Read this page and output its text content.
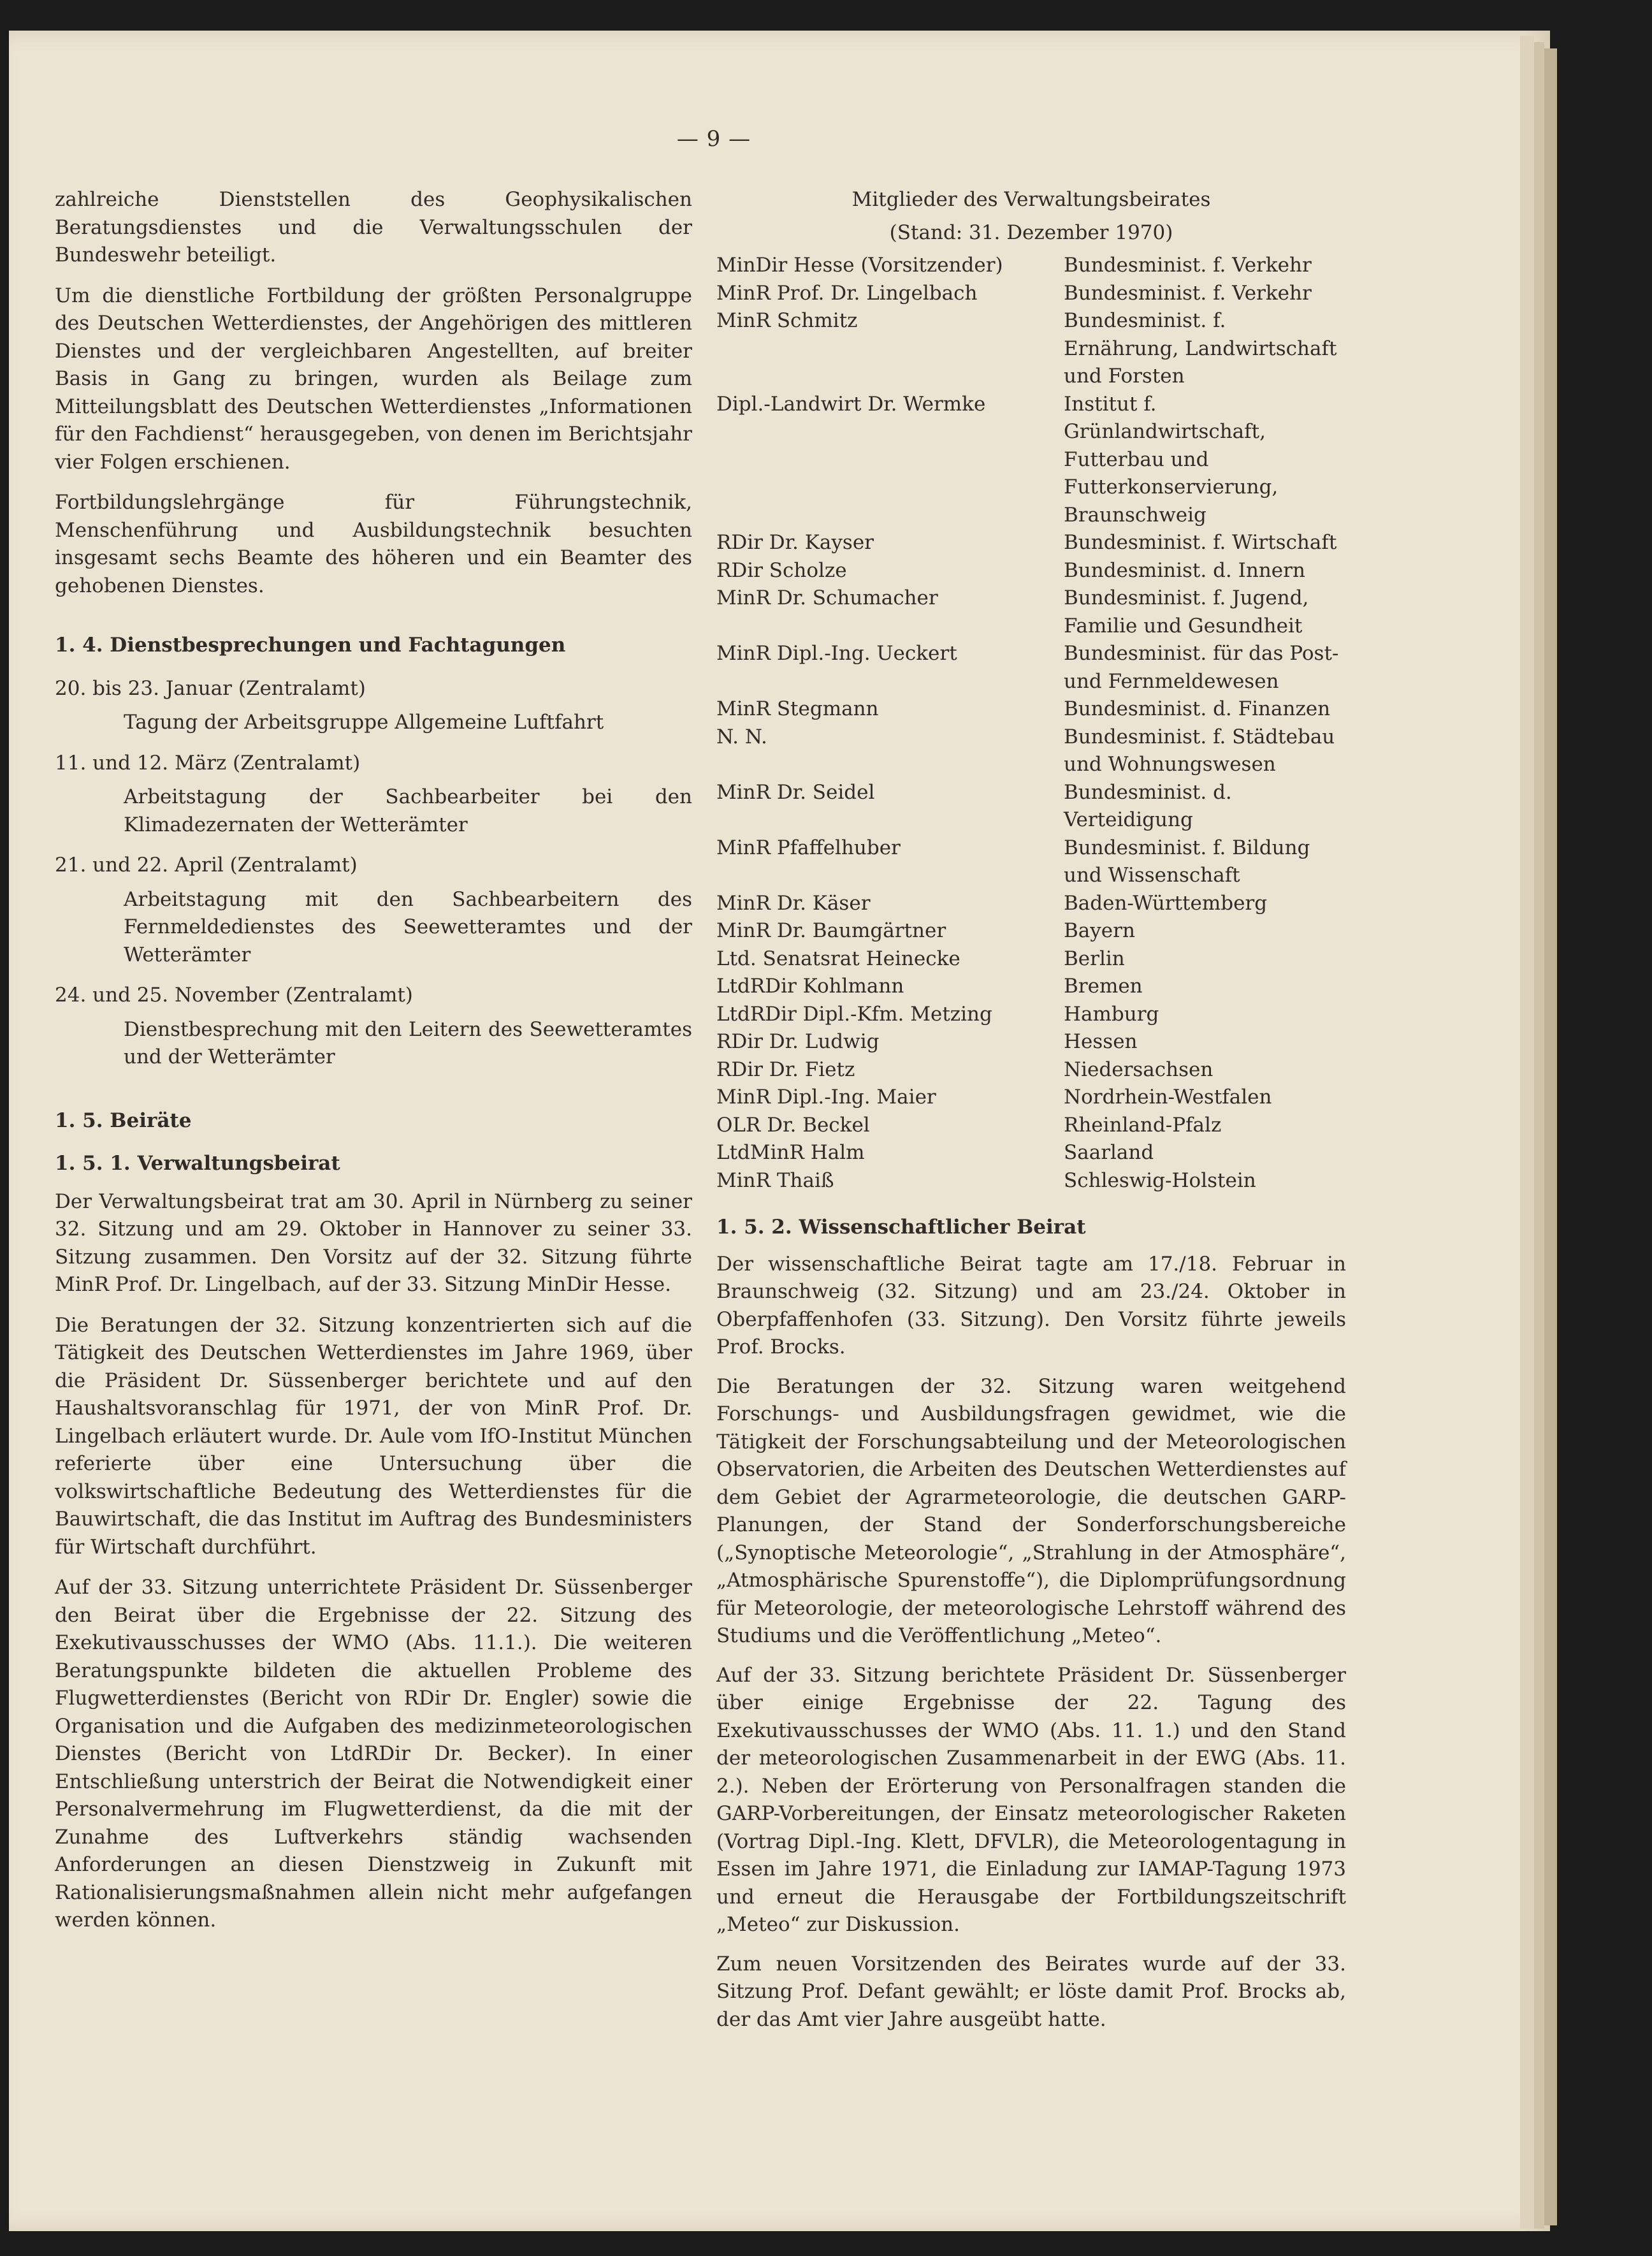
— 9 —

zahlreiche Dienststellen des Geophysikalischen Beratungsdienstes und die Verwaltungsschulen der Bundeswehr beteiligt.

Um die dienstliche Fortbildung der größten Personalgruppe des Deutschen Wetterdienstes, der Angehörigen des mittleren Dienstes und der vergleichbaren Angestellten, auf breiter Basis in Gang zu bringen, wurden als Beilage zum Mitteilungsblatt des Deutschen Wetterdienstes „Informationen für den Fachdienst“ herausgegeben, von denen im Berichtsjahr vier Folgen erschienen.

Fortbildungslehrgänge für Führungstechnik, Menschenführung und Ausbildungstechnik besuchten insgesamt sechs Beamte des höheren und ein Beamter des gehobenen Dienstes.

1. 4. Dienstbesprechungen und Fachtagungen
20. bis 23. Januar (Zentralamt)
Tagung der Arbeitsgruppe Allgemeine Luftfahrt
11. und 12. März (Zentralamt)
Arbeitstagung der Sachbearbeiter bei den Klimadezernaten der Wetterämter
21. und 22. April (Zentralamt)
Arbeitstagung mit den Sachbearbeitern des Fernmeldedienstes des Seewetteramtes und der Wetterämter
24. und 25. November (Zentralamt)
Dienstbesprechung mit den Leitern des Seewetteramtes und der Wetterämter
1. 5. Beiräte
1. 5. 1. Verwaltungsbeirat

Der Verwaltungsbeirat trat am 30. April in Nürnberg zu seiner 32. Sitzung und am 29. Oktober in Hannover zu seiner 33. Sitzung zusammen. Den Vorsitz auf der 32. Sitzung führte MinR Prof. Dr. Lingelbach, auf der 33. Sitzung MinDir Hesse.

Die Beratungen der 32. Sitzung konzentrierten sich auf die Tätigkeit des Deutschen Wetterdienstes im Jahre 1969, über die Präsident Dr. Süssenberger berichtete und auf den Haushaltsvoranschlag für 1971, der von MinR Prof. Dr. Lingelbach erläutert wurde. Dr. Aule vom IfO-Institut München referierte über eine Untersuchung über die volkswirtschaftliche Bedeutung des Wetterdienstes für die Bauwirtschaft, die das Institut im Auftrag des Bundesministers für Wirtschaft durchführt.

Auf der 33. Sitzung unterrichtete Präsident Dr. Süssenberger den Beirat über die Ergebnisse der 22. Sitzung des Exekutivausschusses der WMO (Abs. 11.1.). Die weiteren Beratungspunkte bildeten die aktuellen Probleme des Flugwetterdienstes (Bericht von RDir Dr. Engler) sowie die Organisation und die Aufgaben des medizinmeteorologischen Dienstes (Bericht von LtdRDir Dr. Becker). In einer Entschließung unterstrich der Beirat die Notwendigkeit einer Personalvermehrung im Flugwetterdienst, da die mit der Zunahme des Luftverkehrs ständig wachsenden Anforderungen an diesen Dienstzweig in Zukunft mit Rationalisierungsmaßnahmen allein nicht mehr aufgefangen werden können.

Mitglieder des Verwaltungsbeirates
(Stand: 31. Dezember 1970)
MinDir Hesse (Vorsitzender)	Bundesminist. f. Verkehr
MinR Prof. Dr. Lingelbach	Bundesminist. f. Verkehr
MinR Schmitz	Bundesminist. f. Ernährung, Landwirtschaft und Forsten
Dipl.-Landwirt Dr. Wermke	Institut f. Grünlandwirtschaft, Futterbau und Futterkonservierung, Braunschweig
RDir Dr. Kayser	Bundesminist. f. Wirtschaft
RDir Scholze	Bundesminist. d. Innern
MinR Dr. Schumacher	Bundesminist. f. Jugend, Familie und Gesundheit
MinR Dipl.-Ing. Ueckert	Bundesminist. für das Post- und Fernmeldewesen
MinR Stegmann	Bundesminist. d. Finanzen
N. N.	Bundesminist. f. Städtebau und Wohnungswesen
MinR Dr. Seidel	Bundesminist. d. Verteidigung
MinR Pfaffelhuber	Bundesminist. f. Bildung und Wissenschaft
MinR Dr. Käser	Baden-Württemberg
MinR Dr. Baumgärtner	Bayern
Ltd. Senatsrat Heinecke	Berlin
LtdRDir Kohlmann	Bremen
LtdRDir Dipl.-Kfm. Metzing	Hamburg
RDir Dr. Ludwig	Hessen
RDir Dr. Fietz	Niedersachsen
MinR Dipl.-Ing. Maier	Nordrhein-Westfalen
OLR Dr. Beckel	Rheinland-Pfalz
LtdMinR Halm	Saarland
MinR Thaiß	Schleswig-Holstein
1. 5. 2. Wissenschaftlicher Beirat

Der wissenschaftliche Beirat tagte am 17./18. Februar in Braunschweig (32. Sitzung) und am 23./24. Oktober in Oberpfaffenhofen (33. Sitzung). Den Vorsitz führte jeweils Prof. Brocks.

Die Beratungen der 32. Sitzung waren weitgehend Forschungs- und Ausbildungsfragen gewidmet, wie die Tätigkeit der Forschungsabteilung und der Meteorologischen Observatorien, die Arbeiten des Deutschen Wetterdienstes auf dem Gebiet der Agrarmeteorologie, die deutschen GARP-Planungen, der Stand der Sonderforschungsbereiche („Synoptische Meteorologie“, „Strahlung in der Atmosphäre“, „Atmosphärische Spurenstoffe“), die Diplomprüfungsordnung für Meteorologie, der meteorologische Lehrstoff während des Studiums und die Veröffentlichung „Meteo“.

Auf der 33. Sitzung berichtete Präsident Dr. Süssenberger über einige Ergebnisse der 22. Tagung des Exekutivausschusses der WMO (Abs. 11. 1.) und den Stand der meteorologischen Zusammenarbeit in der EWG (Abs. 11. 2.). Neben der Erörterung von Personalfragen standen die GARP-Vorbereitungen, der Einsatz meteorologischer Raketen (Vortrag Dipl.-Ing. Klett, DFVLR), die Meteorologentagung in Essen im Jahre 1971, die Einladung zur IAMAP-Tagung 1973 und erneut die Herausgabe der Fortbildungszeitschrift „Meteo“ zur Diskussion.

Zum neuen Vorsitzenden des Beirates wurde auf der 33. Sitzung Prof. Defant gewählt; er löste damit Prof. Brocks ab, der das Amt vier Jahre ausgeübt hatte.
